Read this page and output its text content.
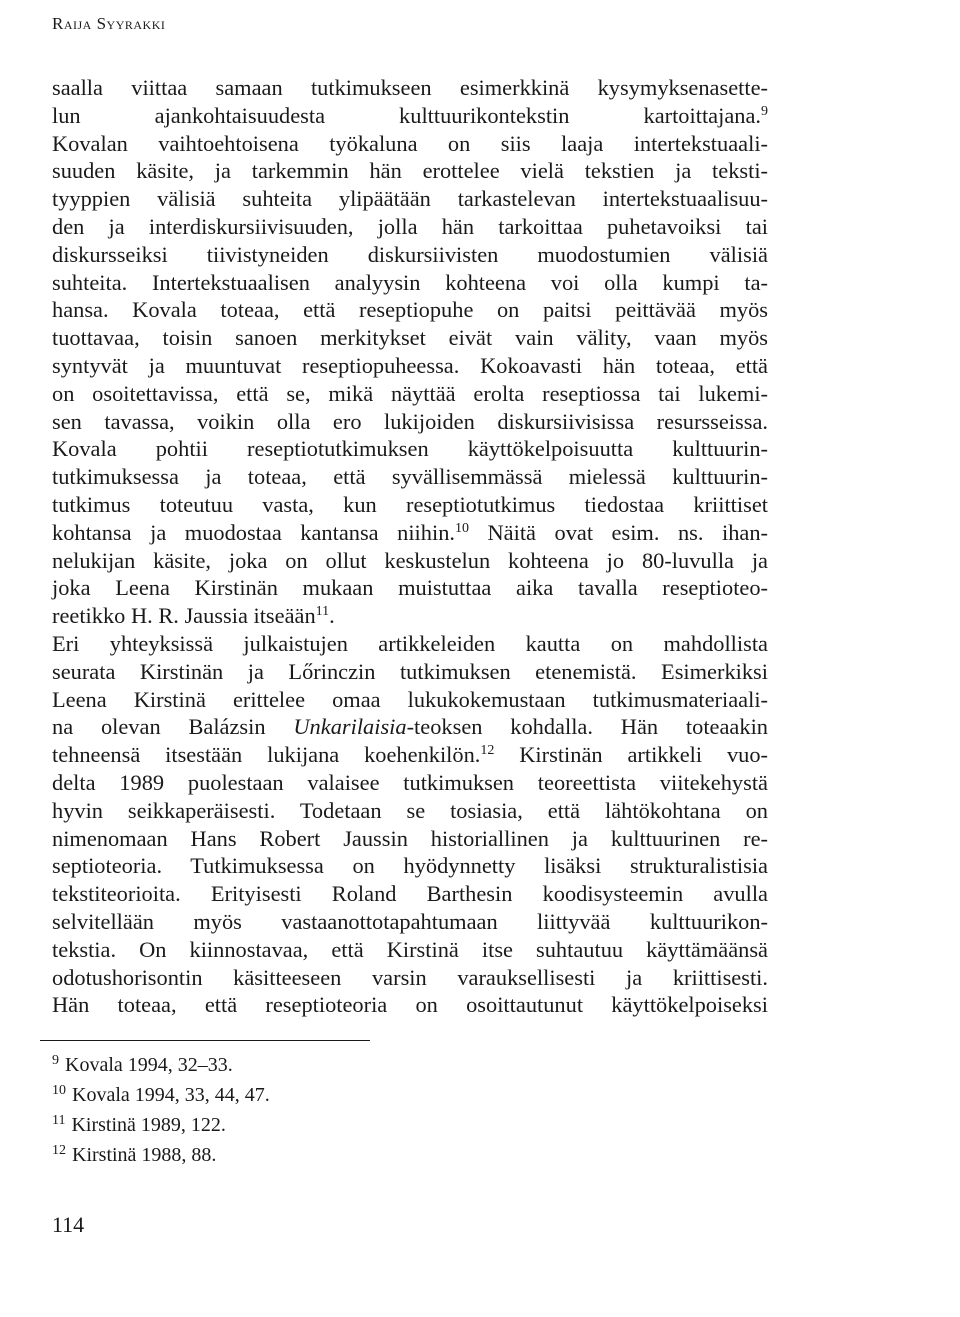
Raija Syyrakki
saalla viittaa samaan tutkimukseen esimerkkinä kysymyksenasette-
lun ajankohtaisuudesta kulttuurikontekstin kartoittajana.$^9$
Kovalan vaihtoehtoisena työkaluna on siis laaja intertekstuaali-
suuden käsite, ja tarkemmin hän erottelee vielä tekstien ja teksti-
tyyppien välisiä suhteita ylipäätään tarkastelevan intertekstuaalisuu-
den ja interdiskursiivisuuden, jolla hän tarkoittaa puhetavoiksi tai
diskursseiksi tiivistyneiden diskursiivisten muodostumien välisiä
suhteita. Intertekstuaalisen analyysin kohteena voi olla kumpi ta-
hansa. Kovala toteaa, että reseptiopuhe on paitsi peittävää myös
tuottavaa, toisin sanoen merkitykset eivät vain välity, vaan myös
syntyvät ja muuntuvat reseptiopuheessa. Kokoavasti hän toteaa, että
on osoitettavissa, että se, mikä näyttää erolta reseptiossa tai lukemi-
sen tavassa, voikin olla ero lukijoiden diskursiivisissa resursseissa.
Kovala pohtii reseptiotutkimuksen käyttökelpoisuutta kulttuurin-
tutkimuksessa ja toteaa, että syvällisemmässä mielessä kulttuurin-
tutkimus toteutuu vasta, kun reseptiotutkimus tiedostaa kriittiset
kohtansa ja muodostaa kantansa niihin.$^{10}$ Näitä ovat esim. ns. ihan-
nelukijan käsite, joka on ollut keskustelun kohteena jo 80-luvulla ja
joka Leena Kirstinän mukaan muistuttaa aika tavalla reseptioteo-
reetikko H. R. Jaussia itseään$^{11}$.
Eri yhteyksissä julkaistujen artikkeleiden kautta on mahdollista
seurata Kirstinän ja Lőrinczin tutkimuksen etenemistä. Esimerkiksi
Leena Kirstinä erittelee omaa lukukokemustaan tutkimusmateriaali-
na olevan Balázsin Unkarilaisia-teoksen kohdalla. Hän toteaakin
tehneensä itsestään lukijana koehenkilön.$^{12}$ Kirstinän artikkeli vuo-
delta 1989 puolestaan valaisee tutkimuksen teoreettista viitekehystä
hyvin seikkaperäisesti. Todetaan se tosiasia, että lähtökohtana on
nimenomaan Hans Robert Jaussin historiallinen ja kulttuurinen re-
septioteoria. Tutkimuksessa on hyödynnetty lisäksi strukturalistisia
tekstiteorioita. Erityisesti Roland Barthesin koodisysteemin avulla
selvitellään myös vastaanottotapahtumaan liittyvää kulttuurikon-
tekstia. On kiinnostavaa, että Kirstinä itse suhtautuu käyttämäänsä
odotushorisontin käsitteeseen varsin varauksellisesti ja kriittisesti.
Hän toteaa, että reseptioteoria on osoittautunut käyttökelpoiseksi
$^9$ Kovala 1994, 32–33.
$^{10}$ Kovala 1994, 33, 44, 47.
$^{11}$ Kirstinä 1989, 122.
$^{12}$ Kirstinä 1988, 88.
114
